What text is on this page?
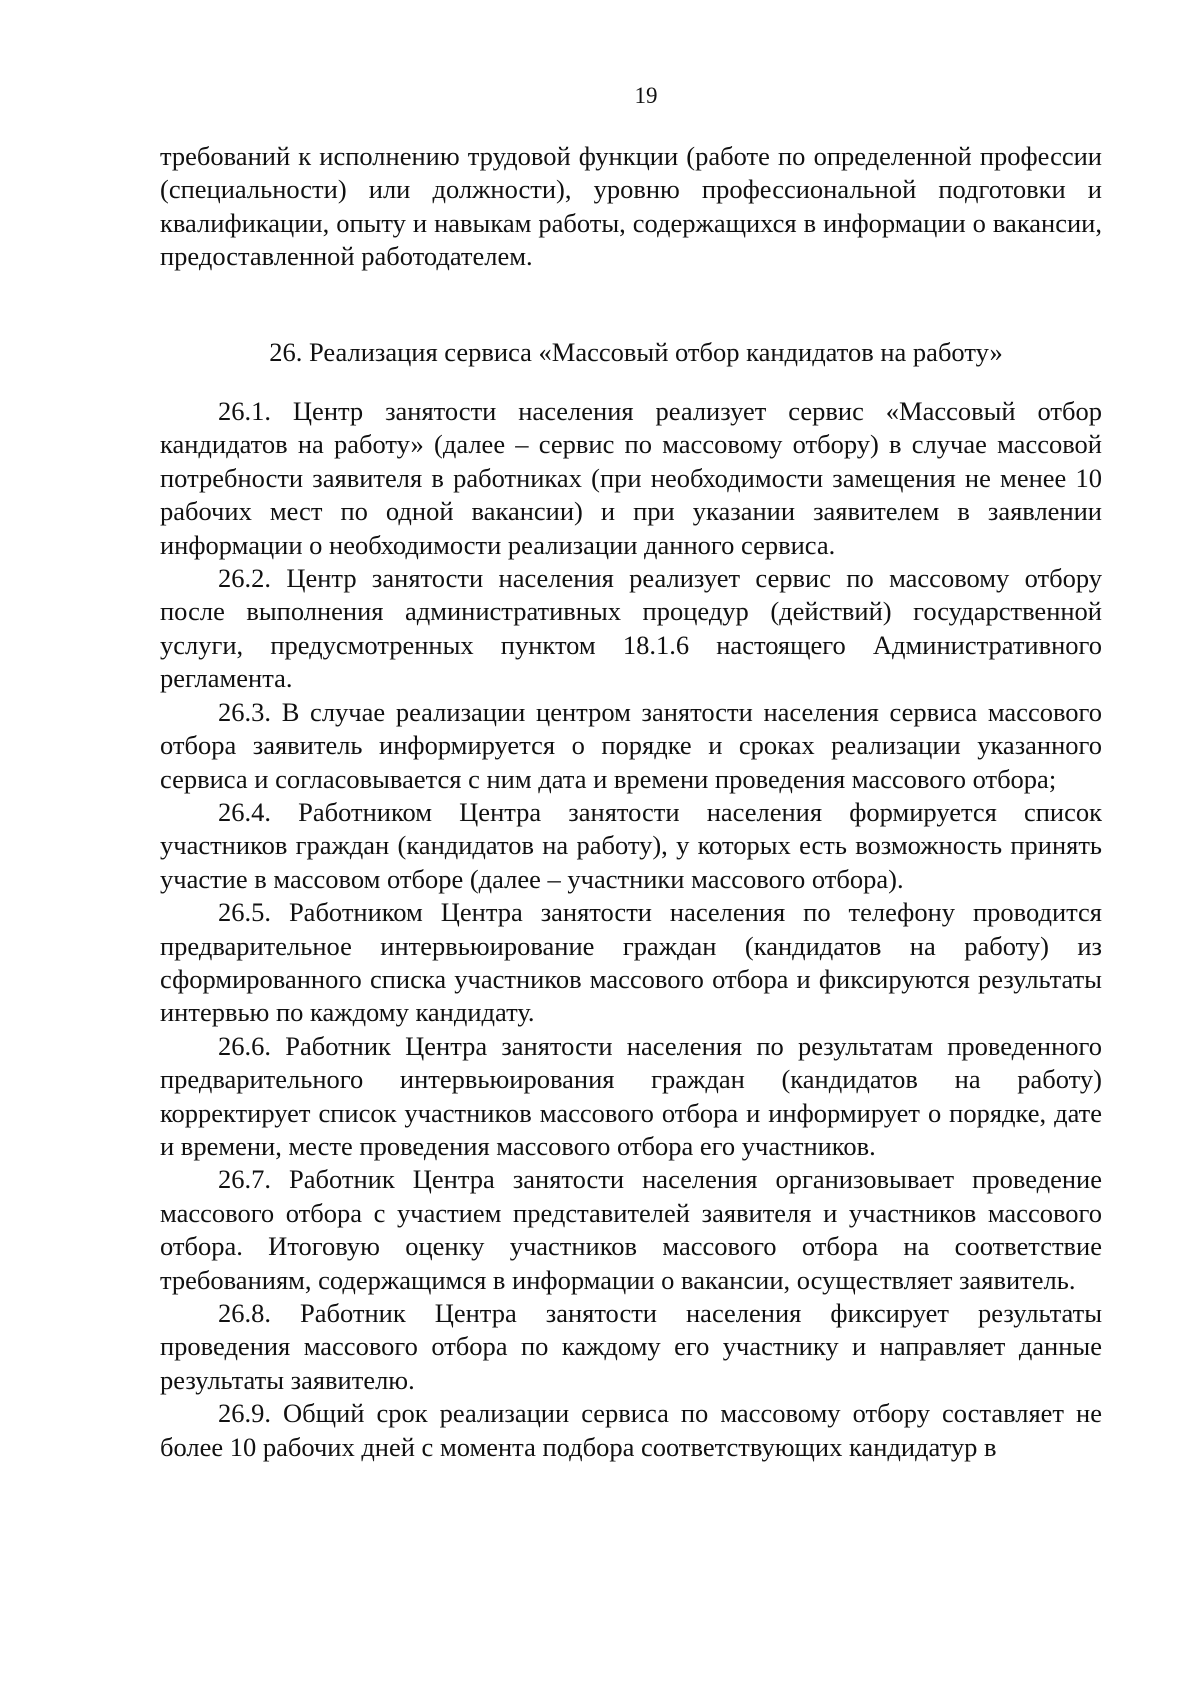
19

требований к исполнению трудовой функции (работе по определенной профессии (специальности) или должности), уровню профессиональной подготовки и квалификации, опыту и навыкам работы, содержащихся в информации о вакансии, предоставленной работодателем.

26. Реализация сервиса «Массовый отбор кандидатов на работу»

26.1. Центр занятости населения реализует сервис «Массовый отбор кандидатов на работу» (далее – сервис по массовому отбору) в случае массовой потребности заявителя в работниках (при необходимости замещения не менее 10 рабочих мест по одной вакансии) и при указании заявителем в заявлении информации о необходимости реализации данного сервиса.

26.2. Центр занятости населения реализует сервис по массовому отбору после выполнения административных процедур (действий) государственной услуги, предусмотренных пунктом 18.1.6 настоящего Административного регламента.

26.3. В случае реализации центром занятости населения сервиса массового отбора заявитель информируется о порядке и сроках реализации указанного сервиса и согласовывается с ним дата и времени проведения массового отбора;

26.4. Работником Центра занятости населения формируется список участников граждан (кандидатов на работу), у которых есть возможность принять участие в массовом отборе (далее – участники массового отбора).

26.5. Работником Центра занятости населения по телефону проводится предварительное интервьюирование граждан (кандидатов на работу) из сформированного списка участников массового отбора и фиксируются результаты интервью по каждому кандидату.

26.6. Работник Центра занятости населения по результатам проведенного предварительного интервьюирования граждан (кандидатов на работу) корректирует список участников массового отбора и информирует о порядке, дате и времени, месте проведения массового отбора его участников.

26.7. Работник Центра занятости населения организовывает проведение массового отбора с участием представителей заявителя и участников массового отбора. Итоговую оценку участников массового отбора на соответствие требованиям, содержащимся в информации о вакансии, осуществляет заявитель.

26.8. Работник Центра занятости населения фиксирует результаты проведения массового отбора по каждому его участнику и направляет данные результаты заявителю.

26.9. Общий срок реализации сервиса по массовому отбору составляет не более 10 рабочих дней с момента подбора соответствующих кандидатур в
